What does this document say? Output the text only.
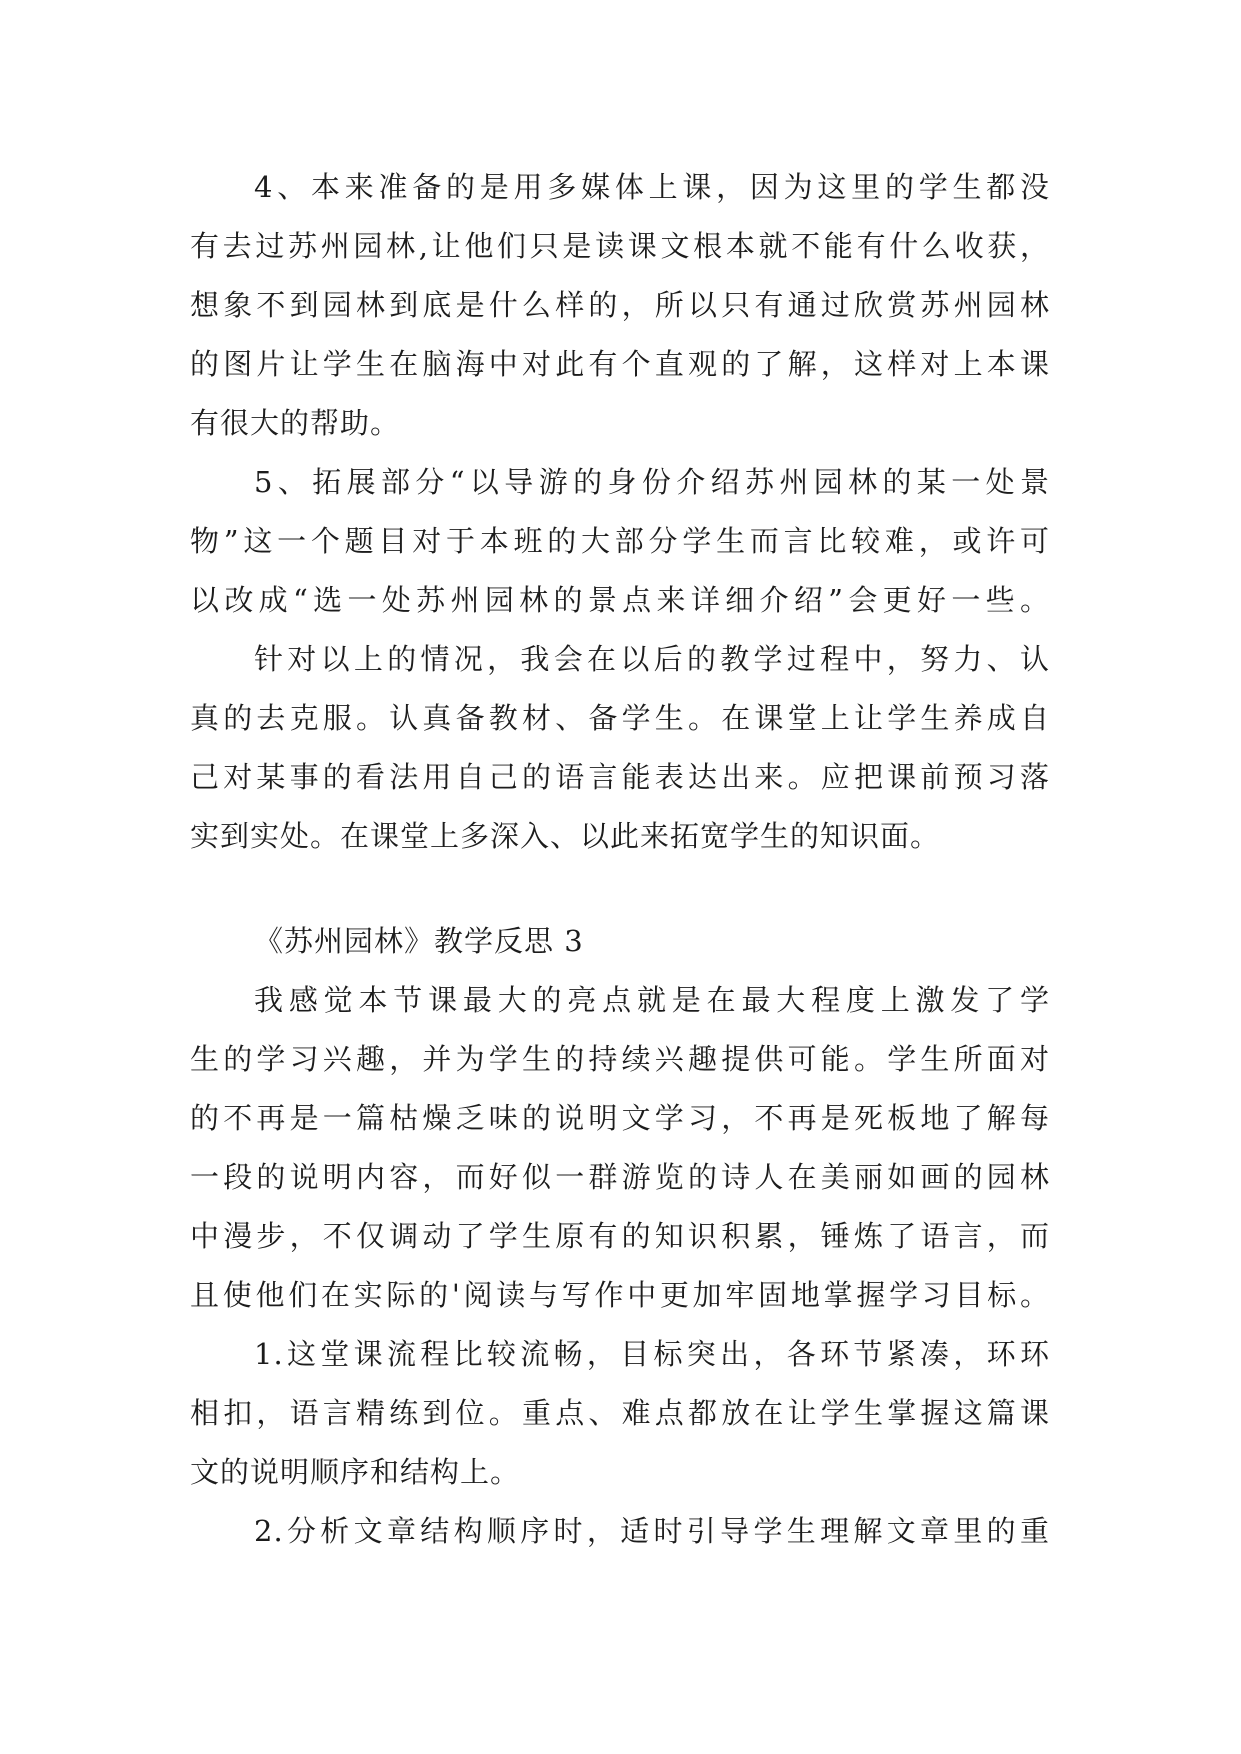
4、本来准备的是用多媒体上课，因为这里的学生都没
有去过苏州园林,让他们只是读课文根本就不能有什么收获，
想象不到园林到底是什么样的，所以只有通过欣赏苏州园林
的图片让学生在脑海中对此有个直观的了解，这样对上本课
有很大的帮助。
5、拓展部分“以导游的身份介绍苏州园林的某一处景
物”这一个题目对于本班的大部分学生而言比较难，或许可
以改成“选一处苏州园林的景点来详细介绍”会更好一些。
针对以上的情况，我会在以后的教学过程中，努力、认
真的去克服。认真备教材、备学生。在课堂上让学生养成自
己对某事的看法用自己的语言能表达出来。应把课前预习落
实到实处。在课堂上多深入、以此来拓宽学生的知识面。
《苏州园林》教学反思 3
我感觉本节课最大的亮点就是在最大程度上激发了学
生的学习兴趣，并为学生的持续兴趣提供可能。学生所面对
的不再是一篇枯燥乏味的说明文学习，不再是死板地了解每
一段的说明内容，而好似一群游览的诗人在美丽如画的园林
中漫步，不仅调动了学生原有的知识积累，锤炼了语言，而
且使他们在实际的'阅读与写作中更加牢固地掌握学习目标。
1.这堂课流程比较流畅，目标突出，各环节紧凑，环环
相扣，语言精练到位。重点、难点都放在让学生掌握这篇课
文的说明顺序和结构上。
2.分析文章结构顺序时，适时引导学生理解文章里的重
